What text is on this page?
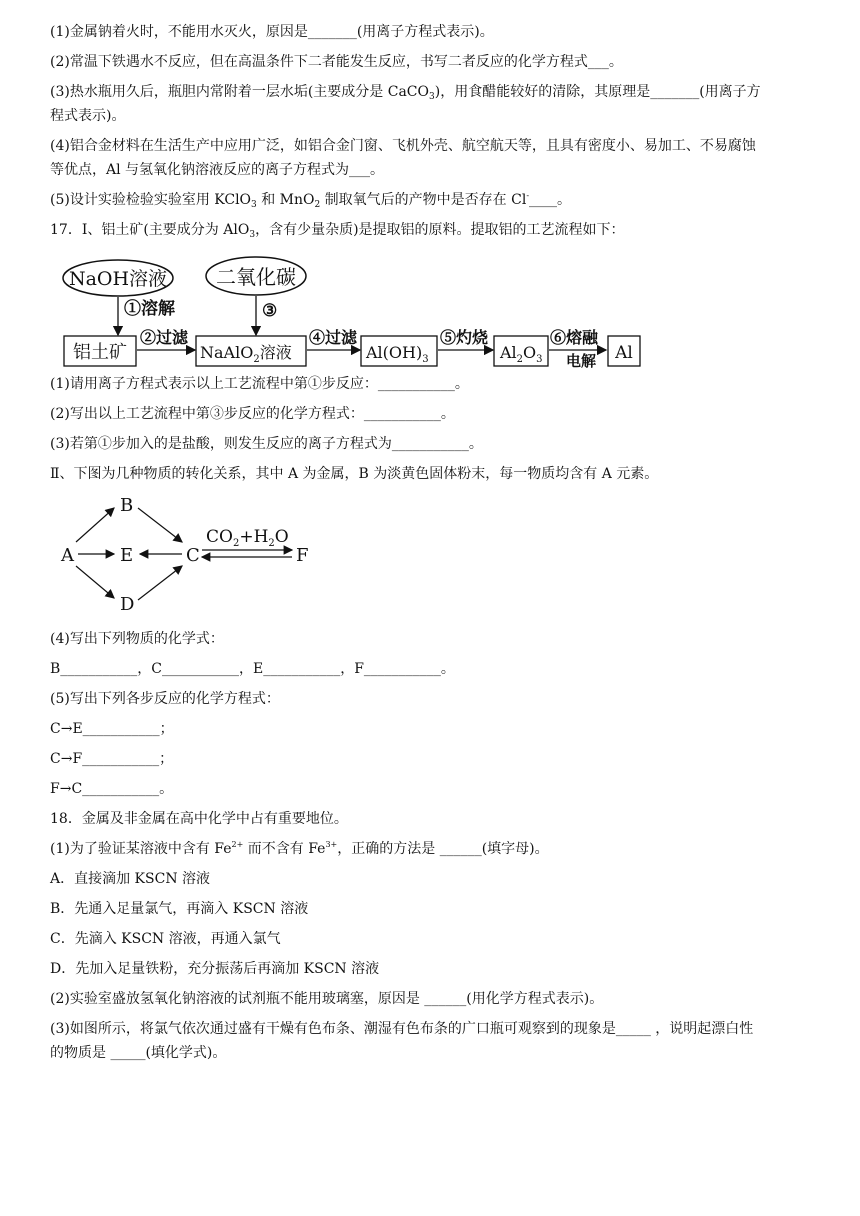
(1)金属钠着火时，不能用水灭火，原因是_______(用离子方程式表示)。
(2)常温下铁遇水不反应，但在高温条件下二者能发生反应，书写二者反应的化学方程式___。
(3)热水瓶用久后，瓶胆内常附着一层水垢(主要成分是 CaCO$_3$)，用食醋能较好的清除，其原理是_______(用离子方
程式表示)。
(4)铝合金材料在生活生产中应用广泛，如铝合金门窗、飞机外壳、航空航天等，且具有密度小、易加工、不易腐蚀
等优点，Al 与氢氧化钠溶液反应的离子方程式为___。
(5)设计实验检验实验室用 KClO$_3$ 和 MnO$_2$ 制取氧气后的产物中是否存在 Cl-____。
17．Ⅰ、铝土矿(主要成分为 AlO$_3$，含有少量杂质)是提取铝的原料。提取铝的工艺流程如下：
NaOH溶液 二氧化碳
①溶解	③
铝土矿
②过滤
NaAlO$_2$溶液
④过滤
$Al(OH)_3$
⑤灼烧
$Al_2O_3$
⑥熔融
电解 Al
(1)请用离子方程式表示以上工艺流程中第①步反应：___________。
(2)写出以上工艺流程中第③步反应的化学方程式：___________。
(3)若第①步加入的是盐酸，则发生反应的离子方程式为___________。
Ⅱ、下图为几种物质的转化关系，其中 A 为金属，B 为淡黄色固体粉末，每一物质均含有 A 元素。
A
B
E
D
C	F
$CO_2+H_2O$
(4)写出下列物质的化学式：
B___________，C___________，E___________，F___________。
(5)写出下列各步反应的化学方程式：
C→E___________；
C→F___________；
F→C___________。
18．金属及非金属在高中化学中占有重要地位。
(1)为了验证某溶液中含有 $Fe^{2+}$ 而不含有 $Fe^{3+}$，正确的方法是 ______(填字母)。
A．直接滴加 KSCN 溶液
B．先通入足量氯气，再滴入 KSCN 溶液
C．先滴入 KSCN 溶液，再通入氯气
D．先加入足量铁粉，充分振荡后再滴加 KSCN 溶液
(2)实验室盛放氢氧化钠溶液的试剂瓶不能用玻璃塞，原因是 ______(用化学方程式表示)。
(3)如图所示，将氯气依次通过盛有干燥有色布条、潮湿有色布条的广口瓶可观察到的现象是_____ ，说明起漂白性
的物质是 _____(填化学式)。
